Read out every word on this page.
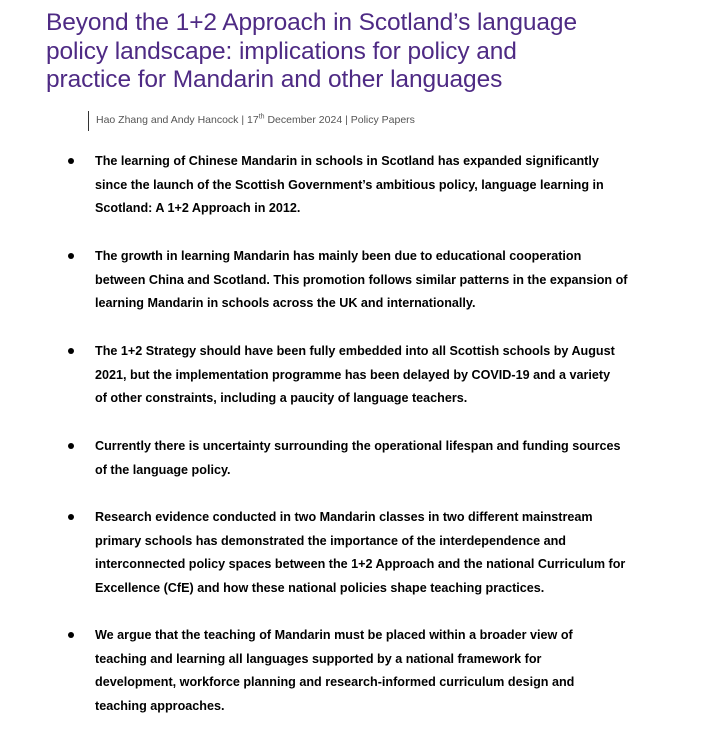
Beyond the 1+2 Approach in Scotland’s language
policy landscape: implications for policy and
practice for Mandarin and other languages
Hao Zhang and Andy Hancock | 17th December 2024 | Policy Papers
The learning of Chinese Mandarin in schools in Scotland has expanded significantly
since the launch of the Scottish Government’s ambitious policy, language learning in
Scotland: A 1+2 Approach in 2012.
The growth in learning Mandarin has mainly been due to educational cooperation
between China and Scotland. This promotion follows similar patterns in the expansion of
learning Mandarin in schools across the UK and internationally.
The 1+2 Strategy should have been fully embedded into all Scottish schools by August
2021, but the implementation programme has been delayed by COVID-19 and a variety
of other constraints, including a paucity of language teachers.
Currently there is uncertainty surrounding the operational lifespan and funding sources
of the language policy.
Research evidence conducted in two Mandarin classes in two different mainstream
primary schools has demonstrated the importance of the interdependence and
interconnected policy spaces between the 1+2 Approach and the national Curriculum for
Excellence (CfE) and how these national policies shape teaching practices.
We argue that the teaching of Mandarin must be placed within a broader view of
teaching and learning all languages supported by a national framework for
development, workforce planning and research-informed curriculum design and
teaching approaches.
